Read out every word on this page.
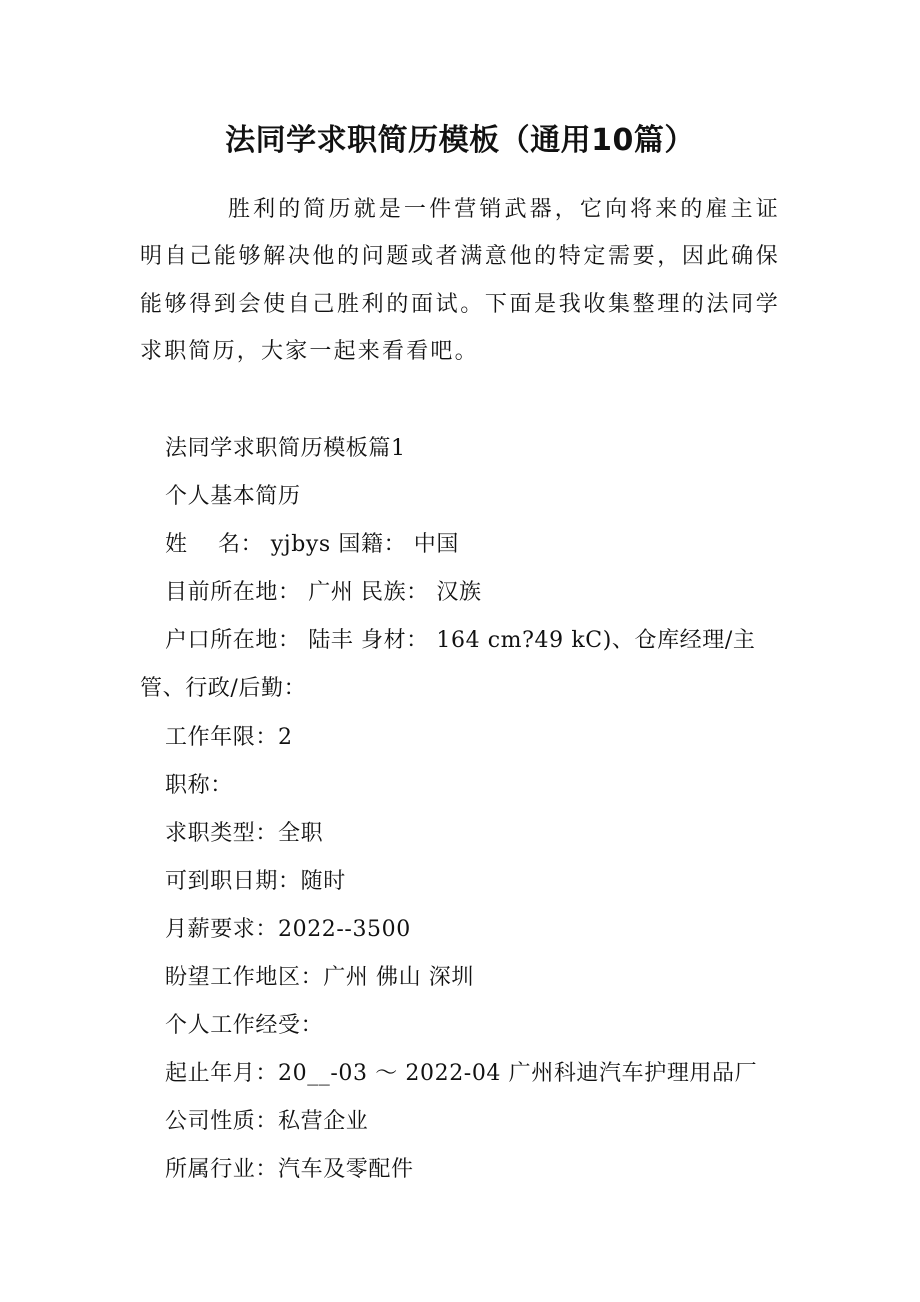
法同学求职简历模板（通用10篇）

胜利的简历就是一件营销武器，它向将来的雇主证明自己能够解决他的问题或者满意他的特定需要，因此确保能够得到会使自己胜利的面试。下面是我收集整理的法同学求职简历，大家一起来看看吧。

法同学求职简历模板篇1
个人基本简历
姓    名： yjbys 国籍： 中国
目前所在地： 广州 民族： 汉族
户口所在地： 陆丰 身材： 164 cm?49 kC)、仓库经理/主管、行政/后勤：
工作年限：2
职称：
求职类型：全职
可到职日期：随时
月薪要求：2022--3500
盼望工作地区：广州 佛山 深圳
个人工作经受：
起止年月：20__-03 ～ 2022-04 广州科迪汽车护理用品厂
公司性质：私营企业
所属行业：汽车及零配件
